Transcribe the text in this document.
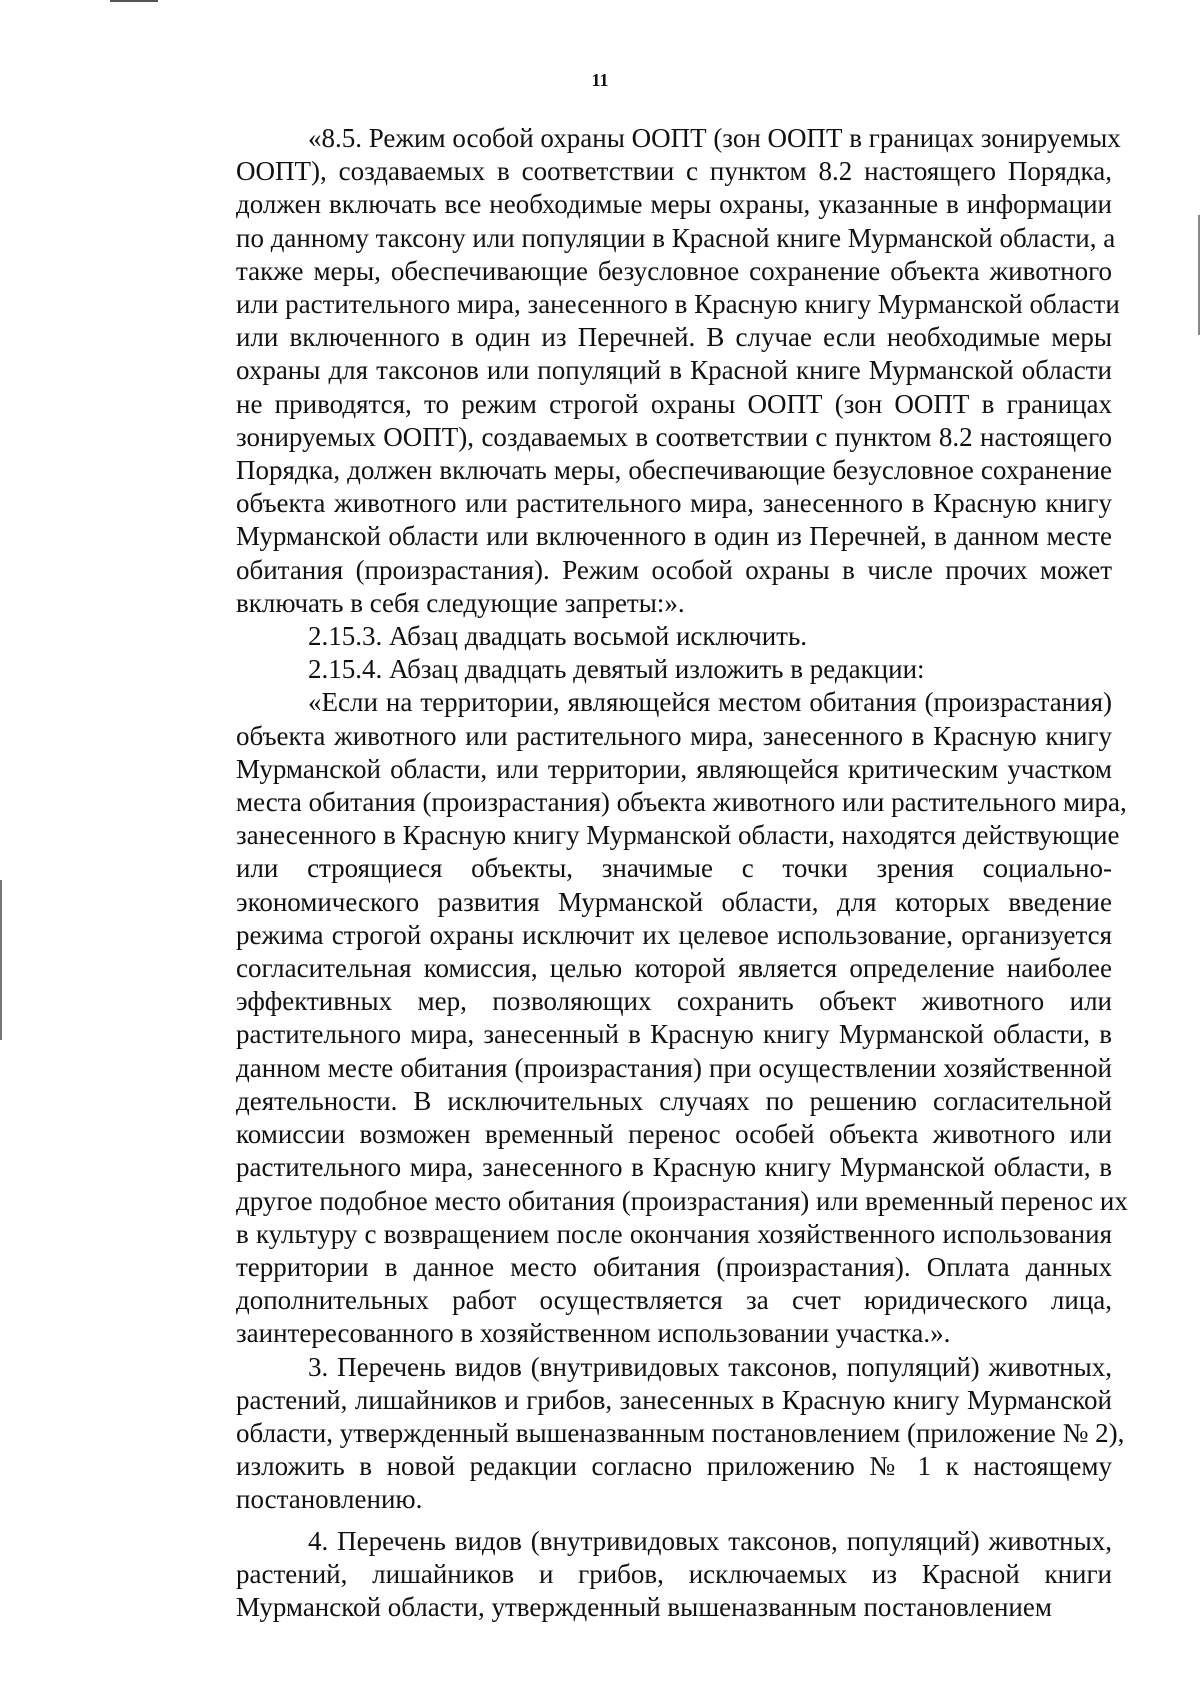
11
«8.5. Режим особой охраны ООПТ (зон ООПТ в границах зонируемых
ООПТ), создаваемых в соответствии с пунктом 8.2 настоящего Порядка,
должен включать все необходимые меры охраны, указанные в информации
по данному таксону или популяции в Красной книге Мурманской области, а
также меры, обеспечивающие безусловное сохранение объекта животного
или растительного мира, занесенного в Красную книгу Мурманской области
или включенного в один из Перечней. В случае если необходимые меры
охраны для таксонов или популяций в Красной книге Мурманской области
не приводятся, то режим строгой охраны ООПТ (зон ООПТ в границах
зонируемых ООПТ), создаваемых в соответствии с пунктом 8.2 настоящего
Порядка, должен включать меры, обеспечивающие безусловное сохранение
объекта животного или растительного мира, занесенного в Красную книгу
Мурманской области или включенного в один из Перечней, в данном месте
обитания (произрастания). Режим особой охраны в числе прочих может
включать в себя следующие запреты:».
2.15.3. Абзац двадцать восьмой исключить.
2.15.4. Абзац двадцать девятый изложить в редакции:
«Если на территории, являющейся местом обитания (произрастания)
объекта животного или растительного мира, занесенного в Красную книгу
Мурманской области, или территории, являющейся критическим участком
места обитания (произрастания) объекта животного или растительного мира,
занесенного в Красную книгу Мурманской области, находятся действующие
или строящиеся объекты, значимые с точки зрения социально-
экономического развития Мурманской области, для которых введение
режима строгой охраны исключит их целевое использование, организуется
согласительная комиссия, целью которой является определение наиболее
эффективных мер, позволяющих сохранить объект животного или
растительного мира, занесенный в Красную книгу Мурманской области, в
данном месте обитания (произрастания) при осуществлении хозяйственной
деятельности. В исключительных случаях по решению согласительной
комиссии возможен временный перенос особей объекта животного или
растительного мира, занесенного в Красную книгу Мурманской области, в
другое подобное место обитания (произрастания) или временный перенос их
в культуру с возвращением после окончания хозяйственного использования
территории в данное место обитания (произрастания). Оплата данных
дополнительных работ осуществляется за счет юридического лица,
заинтересованного в хозяйственном использовании участка.».
3. Перечень видов (внутривидовых таксонов, популяций) животных,
растений, лишайников и грибов, занесенных в Красную книгу Мурманской
области, утвержденный вышеназванным постановлением (приложение № 2),
изложить в новой редакции согласно приложению № 1 к настоящему
постановлению.
4. Перечень видов (внутривидовых таксонов, популяций) животных,
растений, лишайников и грибов, исключаемых из Красной книги
Мурманской области, утвержденный вышеназванным постановлением
